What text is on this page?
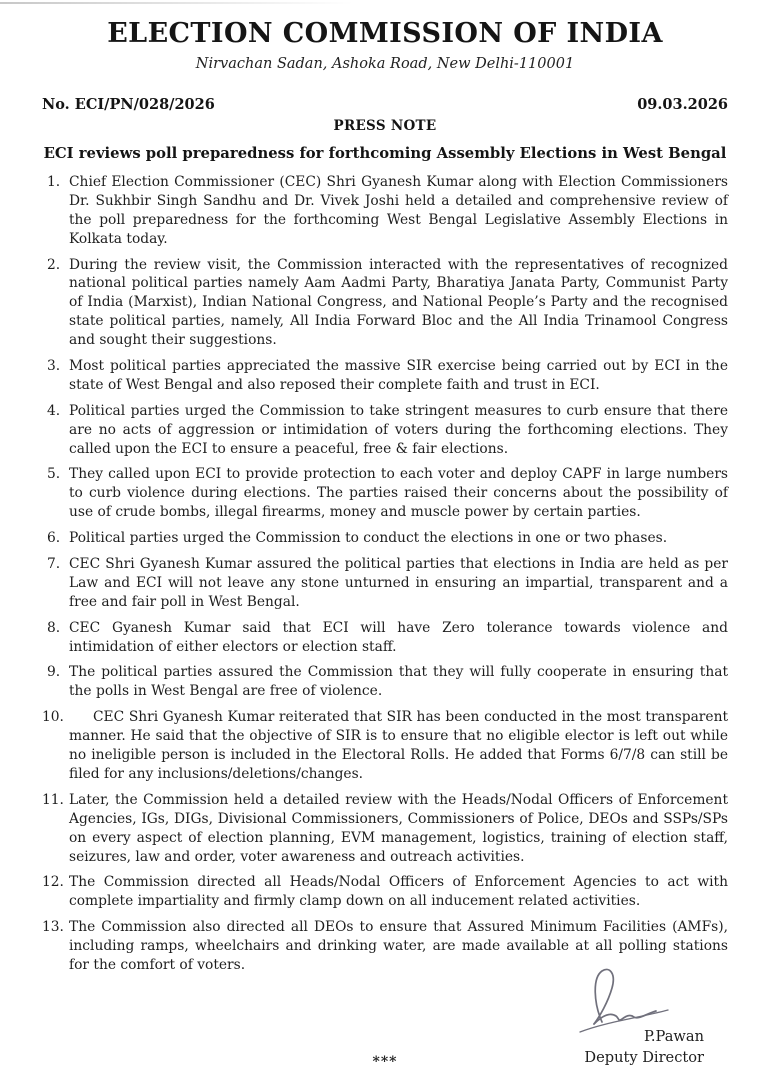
ELECTION COMMISSION OF INDIA
Nirvachan Sadan, Ashoka Road, New Delhi-110001
No. ECI/PN/028/2026	09.03.2026
PRESS NOTE
ECI reviews poll preparedness for forthcoming Assembly Elections in West Bengal
1. Chief Election Commissioner (CEC) Shri Gyanesh Kumar along with Election Commissioners Dr. Sukhbir Singh Sandhu and Dr. Vivek Joshi held a detailed and comprehensive review of the poll preparedness for the forthcoming West Bengal Legislative Assembly Elections in Kolkata today.
2. During the review visit, the Commission interacted with the representatives of recognized national political parties namely Aam Aadmi Party, Bharatiya Janata Party, Communist Party of India (Marxist), Indian National Congress, and National People’s Party and the recognised state political parties, namely, All India Forward Bloc and the All India Trinamool Congress and sought their suggestions.
3. Most political parties appreciated the massive SIR exercise being carried out by ECI in the state of West Bengal and also reposed their complete faith and trust in ECI.
4. Political parties urged the Commission to take stringent measures to curb ensure that there are no acts of aggression or intimidation of voters during the forthcoming elections. They called upon the ECI to ensure a peaceful, free & fair elections.
5. They called upon ECI to provide protection to each voter and deploy CAPF in large numbers to curb violence during elections. The parties raised their concerns about the possibility of use of crude bombs, illegal firearms, money and muscle power by certain parties.
6. Political parties urged the Commission to conduct the elections in one or two phases.
7. CEC Shri Gyanesh Kumar assured the political parties that elections in India are held as per Law and ECI will not leave any stone unturned in ensuring an impartial, transparent and a free and fair poll in West Bengal.
8. CEC Gyanesh Kumar said that ECI will have Zero tolerance towards violence and intimidation of either electors or election staff.
9. The political parties assured the Commission that they will fully cooperate in ensuring that the polls in West Bengal are free of violence.
10. CEC Shri Gyanesh Kumar reiterated that SIR has been conducted in the most transparent manner. He said that the objective of SIR is to ensure that no eligible elector is left out while no ineligible person is included in the Electoral Rolls. He added that Forms 6/7/8 can still be filed for any inclusions/deletions/changes.
11. Later, the Commission held a detailed review with the Heads/Nodal Officers of Enforcement Agencies, IGs, DIGs, Divisional Commissioners, Commissioners of Police, DEOs and SSPs/SPs on every aspect of election planning, EVM management, logistics, training of election staff, seizures, law and order, voter awareness and outreach activities.
12. The Commission directed all Heads/Nodal Officers of Enforcement Agencies to act with complete impartiality and firmly clamp down on all inducement related activities.
13. The Commission also directed all DEOs to ensure that Assured Minimum Facilities (AMFs), including ramps, wheelchairs and drinking water, are made available at all polling stations for the comfort of voters.
P.Pawan
Deputy Director
***
